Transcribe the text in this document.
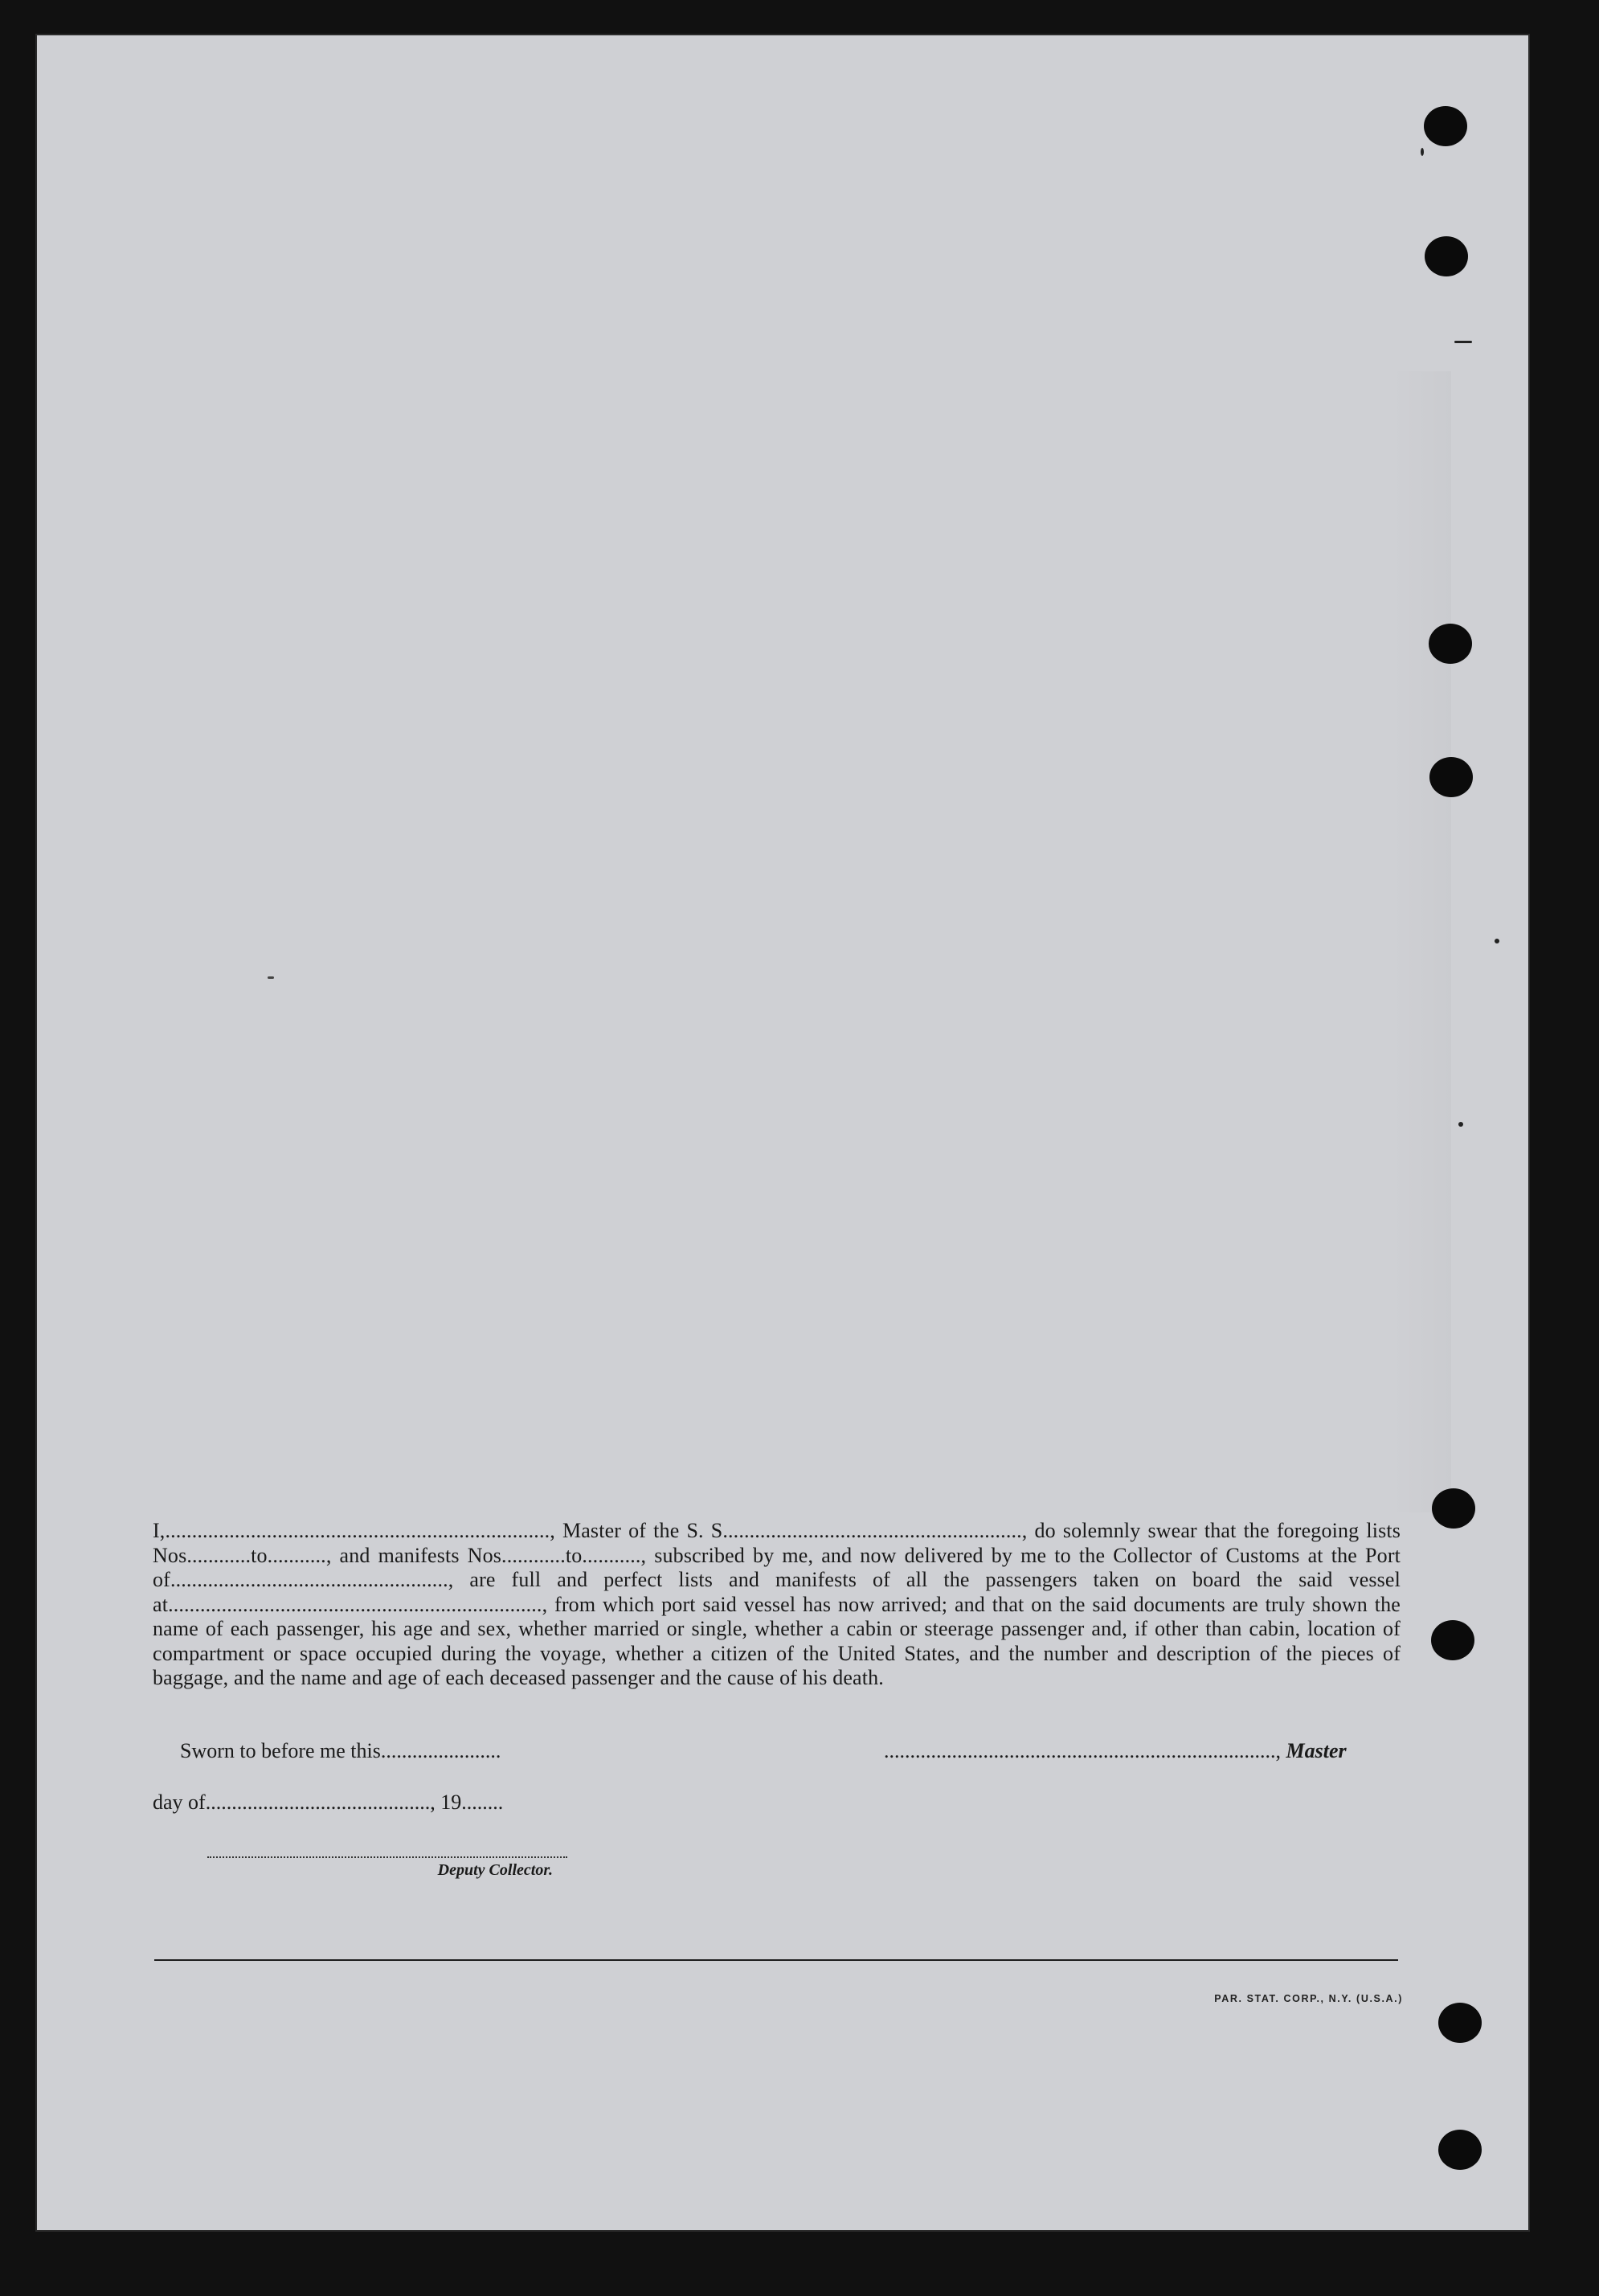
I,........................................................................, Master of the S. S........................................................, do solemnly swear that the foregoing lists Nos............to..........., and manifests Nos............to..........., subscribed by me, and now delivered by me to the Collector of Customs at the Port of...................................................., are full and perfect lists and manifests of all the passengers taken on board the said vessel at......................................................................, from which port said vessel has now arrived; and that on the said documents are truly shown the name of each passenger, his age and sex, whether married or single, whether a cabin or steerage passenger and, if other than cabin, location of compartment or space occupied during the voyage, whether a citizen of the United States, and the number and description of the pieces of baggage, and the name and age of each deceased passenger and the cause of his death.
Sworn to before me this.......................	..........................................................................., Master
day of..........................................., 19........
Deputy Collector.
PAR. STAT. CORP., N.Y. (U.S.A.)
